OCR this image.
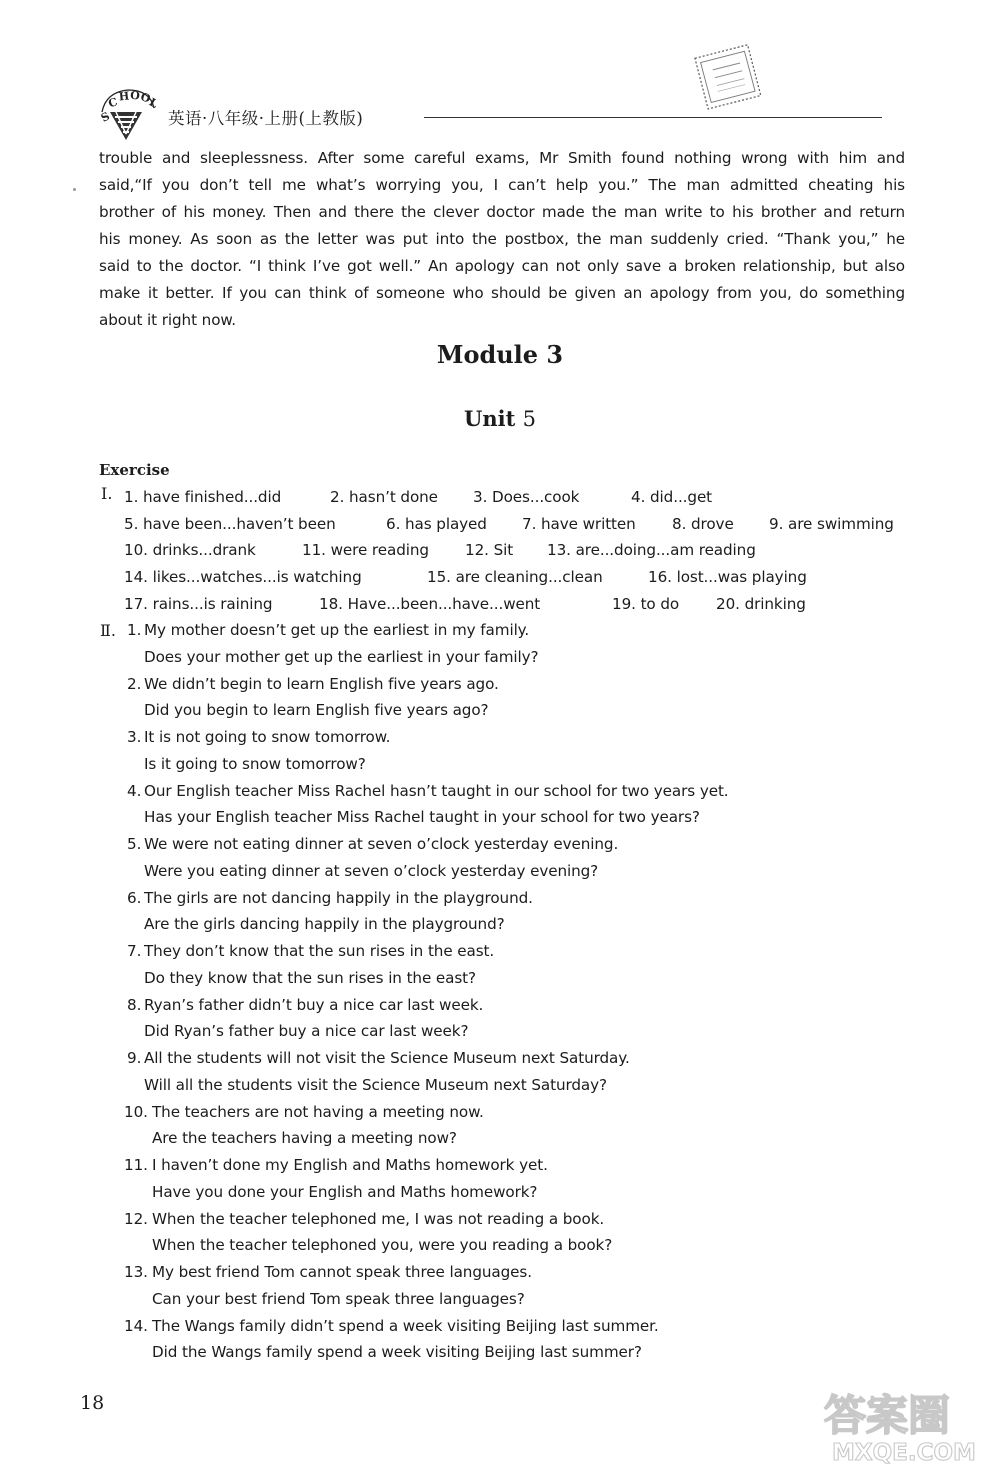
S
C H O
O
L
英语·八年级·上册(上教版)
trouble and sleeplessness. After some careful exams, Mr Smith found nothing wrong with him and
said,“If you don’t tell me what’s worrying you, I can’t help you.” The man admitted cheating his
brother of his money. Then and there the clever doctor made the man write to his brother and return
his money. As soon as the letter was put into the postbox, the man suddenly cried. “Thank you,” he
said to the doctor. “I think I’ve got well.” An apology can not only save a broken relationship, but also
make it better. If you can think of someone who should be given an apology from you, do something
about it right now.
Module 3
Unit 5
Exercise
Ⅰ. 1. have finished...did	2. hasn’t done 3. Does...cook	4. did...get
5. have been...haven’t been	6. has played 7. have written 8. drove 9. are swimming
10. drinks...drank	11. were reading 12. Sit 13. are...doing...am reading
14. likes...watches...is watching	15. are cleaning...clean	16. lost...was playing
17. rains...is raining	18. Have...been...have...went	19. to do 20. drinking
Ⅱ. 1. My mother doesn’t get up the earliest in my family.
Does your mother get up the earliest in your family?
2. We didn’t begin to learn English five years ago.
Did you begin to learn English five years ago?
3. It is not going to snow tomorrow.
Is it going to snow tomorrow?
4. Our English teacher Miss Rachel hasn’t taught in our school for two years yet.
Has your English teacher Miss Rachel taught in your school for two years?
5. We were not eating dinner at seven o’clock yesterday evening.
Were you eating dinner at seven o’clock yesterday evening?
6. The girls are not dancing happily in the playground.
Are the girls dancing happily in the playground?
7. They don’t know that the sun rises in the east.
Do they know that the sun rises in the east?
8. Ryan’s father didn’t buy a nice car last week.
Did Ryan’s father buy a nice car last week?
9. All the students will not visit the Science Museum next Saturday.
Will all the students visit the Science Museum next Saturday?
10. The teachers are not having a meeting now.
Are the teachers having a meeting now?
11. I haven’t done my English and Maths homework yet.
Have you done your English and Maths homework?
12. When the teacher telephoned me, I was not reading a book.
When the teacher telephoned you, were you reading a book?
13. My best friend Tom cannot speak three languages.
Can your best friend Tom speak three languages?
14. The Wangs family didn’t spend a week visiting Beijing last summer.
Did the Wangs family spend a week visiting Beijing last summer?
18	答案圈
MXQE.COM
